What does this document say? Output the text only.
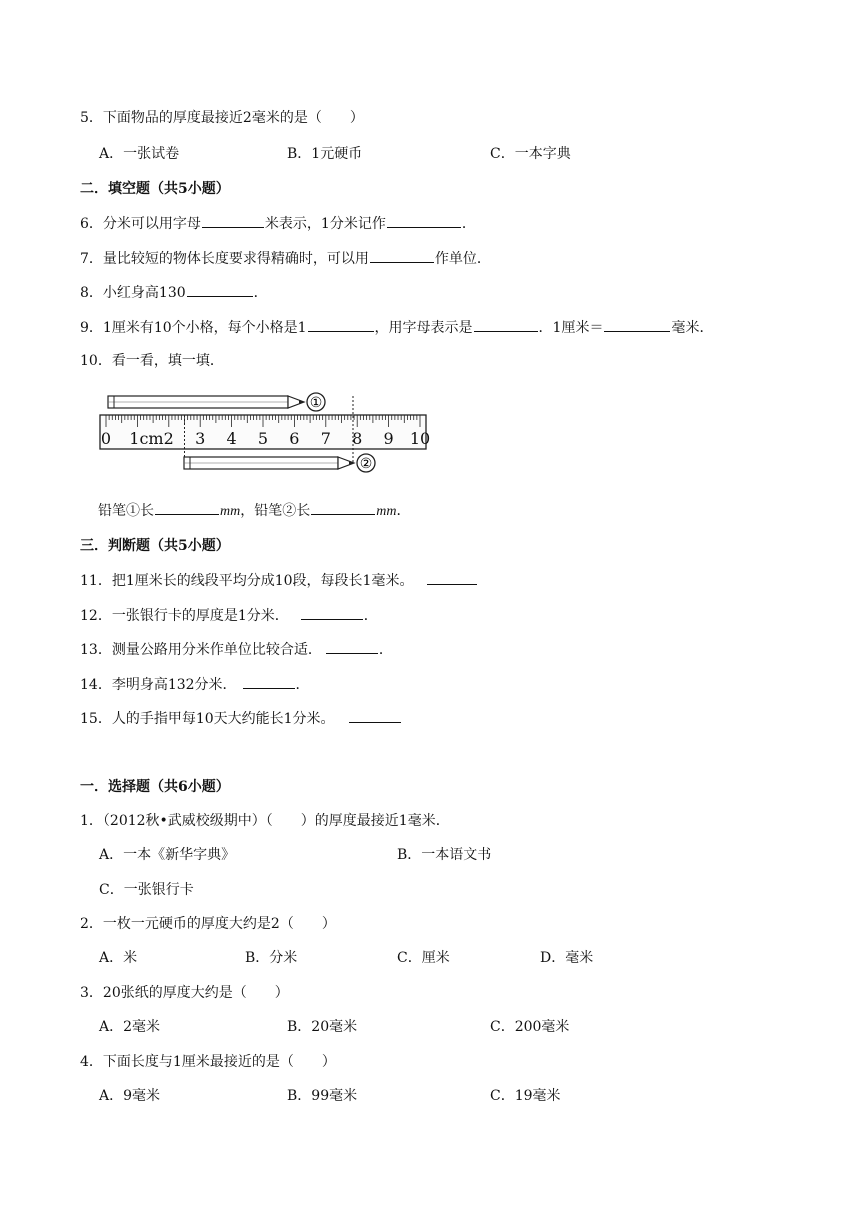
5．下面物品的厚度最接近2毫米的是（　　）
A．一张试卷	B．1元硬币	C．一本字典
二．填空题（共5小题）
6．分米可以用字母	米表示，1分米记作	．
7．量比较短的物体长度要求得精确时，可以用	作单位．
8．小红身高130	．
9．1厘米有10个小格，每个小格是1	，用字母表示是	．1厘米＝	毫米．
10．看一看，填一填．
①
0 1cm2 3 4 5 6 7 8 9 10
②
铅笔①长	mm，铅笔②长	mm．
三．判断题（共5小题）
11．把1厘米长的线段平均分成10段，每段长1毫米。
12．一张银行卡的厚度是1分米．	．
13．测量公路用分米作单位比较合适．	．
14．李明身高132分米．	．
15．人的手指甲每10天大约能长1分米。
一．选择题（共6小题）
1．（2012秋•武威校级期中）（　　）的厚度最接近1毫米．
A．一本《新华字典》	B．一本语文书
C．一张银行卡
2．一枚一元硬币的厚度大约是2（　　）
A．米	B．分米	C．厘米	D．毫米
3．20张纸的厚度大约是（　　）
A．2毫米	B．20毫米	C．200毫米
4．下面长度与1厘米最接近的是（　　）
A．9毫米	B．99毫米	C．19毫米
